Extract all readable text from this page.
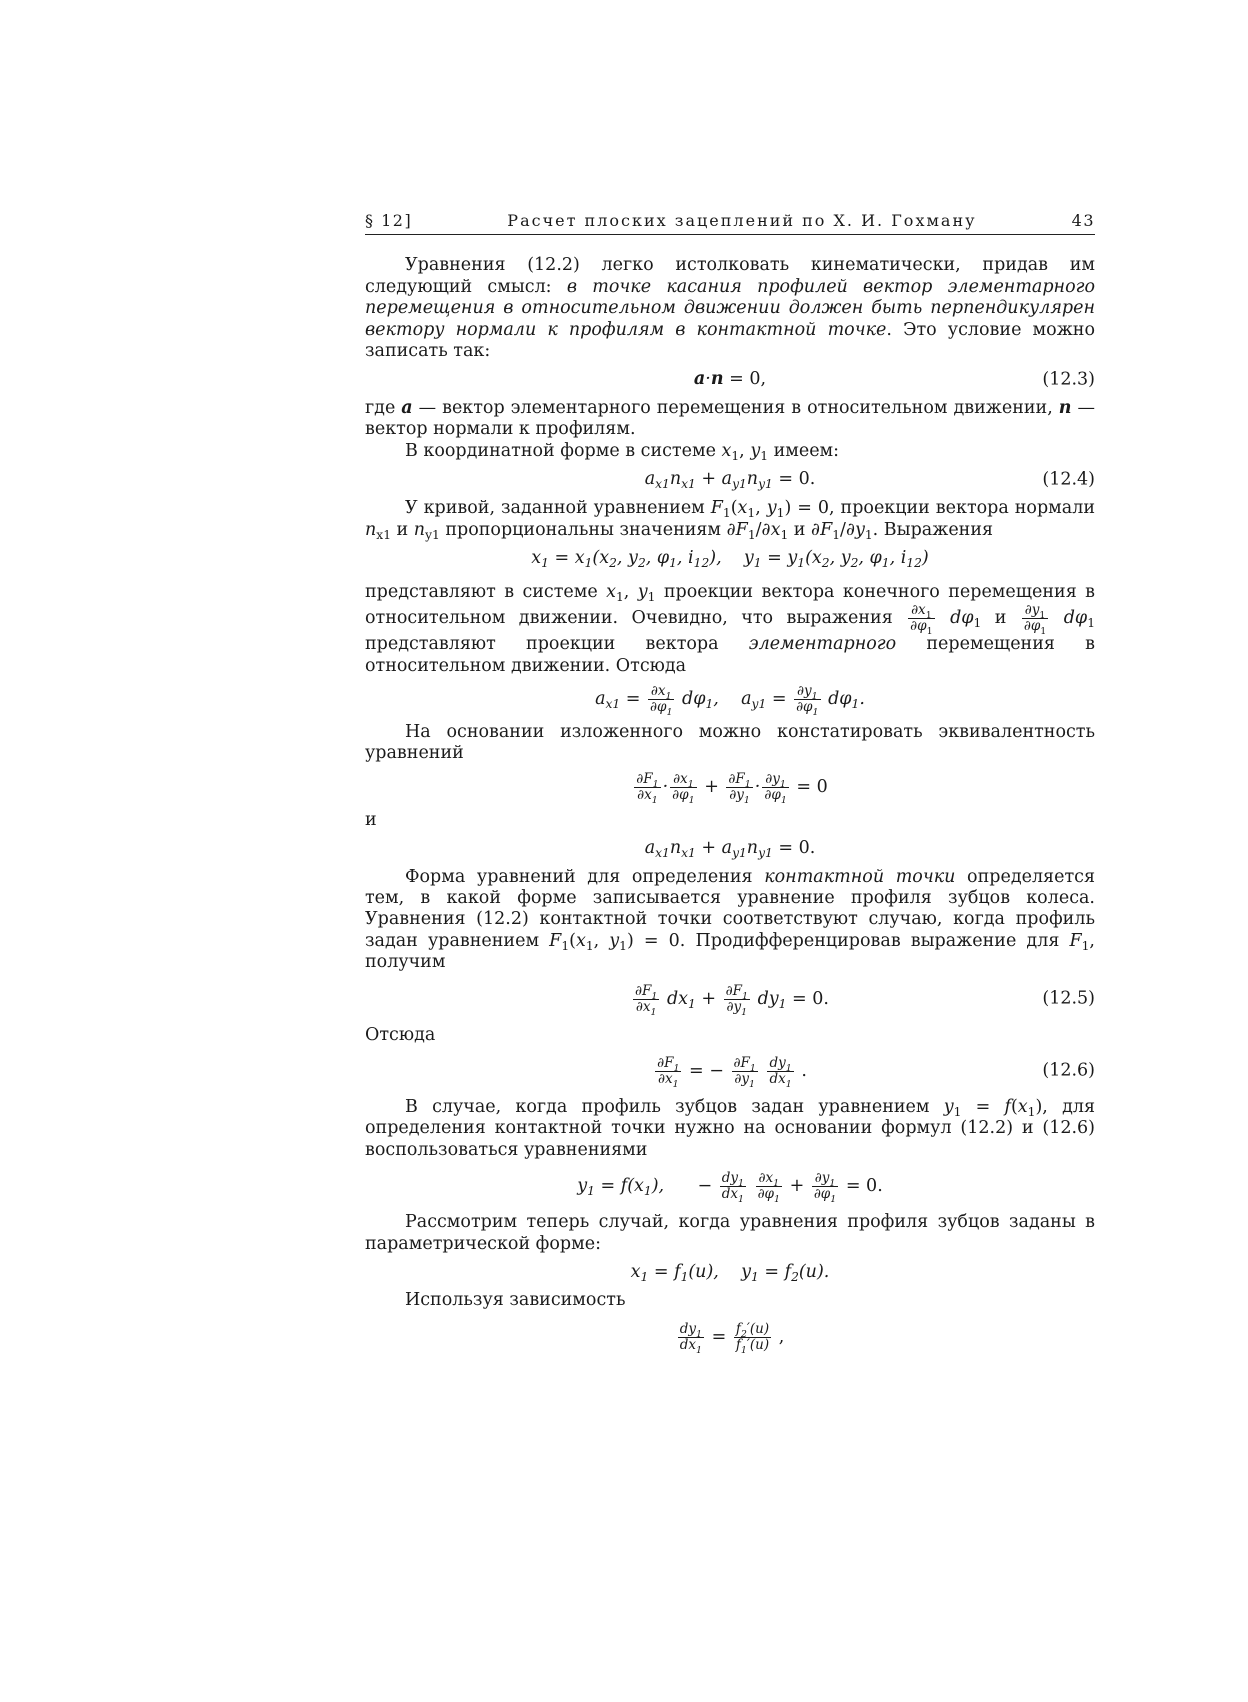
§ 12]	Расчет плоских зацеплений по Х. И. Гохману	43

Уравнения (12.2) легко истолковать кинематически, придав им следующий смысл: в точке касания профилей вектор элементарного перемещения в относительном движении должен быть перпендикулярен вектору нормали к профилям в контактной точке. Это условие можно записать так:

a·n = 0,	(12.3)

где a — вектор элементарного перемещения в относительном движении, n — вектор нормали к профилям.

В координатной форме в системе $x_1$, $y_1$ имеем:

$a_{x1}n_{x1} + a_{y1}n_{y1} = 0$.	(12.4)

У кривой, заданной уравнением $F_1(x_1$, $y_1) = 0$, проекции вектора нормали $n_{x1}$ и $n_{y1}$ пропорциональны значениям $\partial F_1/\partial x_1$ и $\partial F_1/\partial y_1$. Выражения

$x_1 = x_1(x_2$, $y_2$, $\varphi_1$, $i_{12}$),    $y_1 = y_1(x_2$, $y_2$, $\varphi_1$, $i_{12}$)

представляют в системе $x_1$, $y_1$ проекции вектора конечного перемещения в относительном движении. Очевидно, что выражения $\frac{\partial x_1}{\partial\varphi_1} d\varphi_1$ и $\frac{\partial y_1}{\partial\varphi_1} d\varphi_1$ представляют проекции вектора элементарного перемещения в относительном движении. Отсюда

$a_{x1} = \frac{\partial x_1}{\partial\varphi_1} d\varphi_1$,    $a_{y1} = \frac{\partial y_1}{\partial\varphi_1} d\varphi_1$.

На основании изложенного можно констатировать эквивалентность уравнений

$\frac{\partial F_1}{\partial x_1} \cdot \frac{\partial x_1}{\partial\varphi_1} + \frac{\partial F_1}{\partial y_1} \cdot \frac{\partial y_1}{\partial\varphi_1} = 0$

и

$a_{x1}n_{x1} + a_{y1}n_{y1} = 0$.

Форма уравнений для определения контактной точки определяется тем, в какой форме записывается уравнение профиля зубцов колеса. Уравнения (12.2) контактной точки соответствуют случаю, когда профиль задан уравнением $F_1(x_1$, $y_1) = 0$. Продифференцировав выражение для $F_1$, получим

$\frac{\partial F_1}{\partial x_1} dx_1 + \frac{\partial F_1}{\partial y_1} dy_1 = 0$.	(12.5)

Отсюда

$\frac{\partial F_1}{\partial x_1}$ = − $\frac{\partial F_1}{\partial y_1}$
$\frac{dy_1}{dx_1}$ .	(12.6)

В случае, когда профиль зубцов задан уравнением $y_1 = f(x_1)$, для определения контактной точки нужно на основании формул (12.2) и (12.6) воспользоваться уравнениями

$y_1 = f(x_1)$,      − $\frac{dy_1}{dx_1}$
$\frac{\partial x_1}{\partial\varphi_1} + \frac{\partial y_1}{\partial\varphi_1} = 0$.

Рассмотрим теперь случай, когда уравнения профиля зубцов заданы в параметрической форме:

$x_1 = f_1(u)$,    $y_1 = f_2(u)$.

Используя зависимость

$\frac{dy_1}{dx_1} = \frac{f_2'(u)}{f_1'(u)}$ ,
